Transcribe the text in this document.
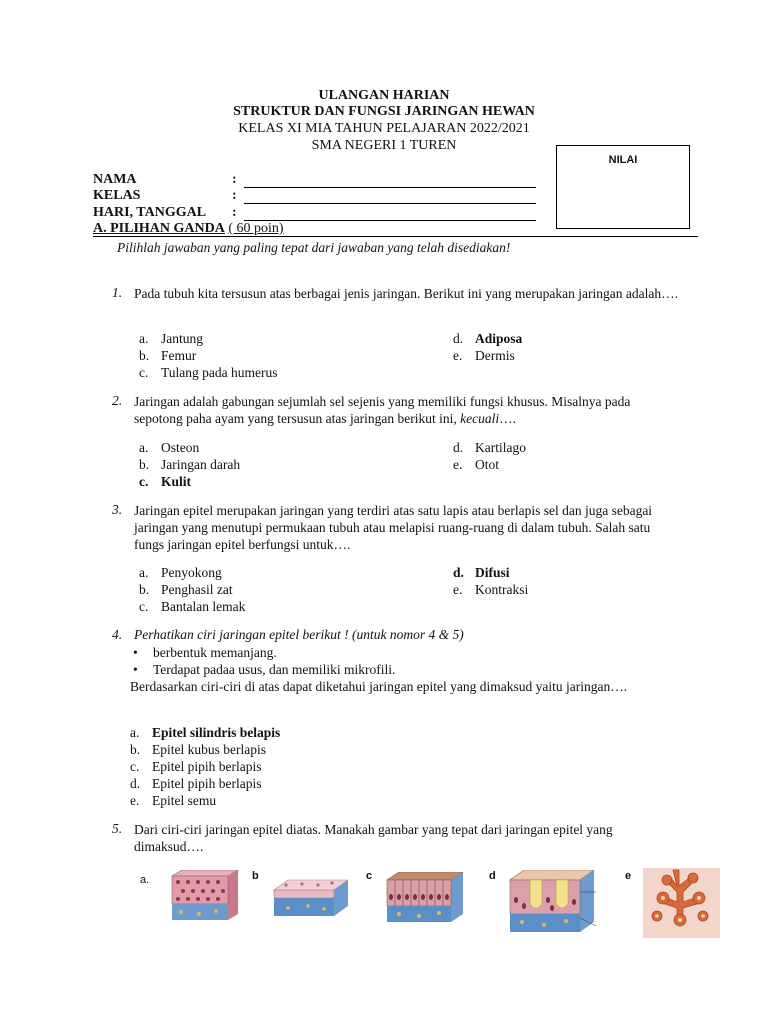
ULANGAN HARIAN
STRUKTUR DAN FUNGSI JARINGAN HEWAN
KELAS XI MIA TAHUN PELAJARAN 2022/2021
SMA NEGERI 1 TUREN
NILAI
NAMA	:
KELAS	:
HARI, TANGGAL :
A. PILIHAN GANDA ( 60 poin)
Pilihlah jawaban yang paling tepat dari jawaban yang telah disediakan!
1. Pada tubuh kita tersusun atas berbagai jenis jaringan. Berikut ini yang merupakan jaringan adalah….
a. Jantung
b. Femur
c. Tulang pada humerus
d. Adiposa
e. Dermis
2. Jaringan adalah gabungan sejumlah sel sejenis yang memiliki fungsi khusus. Misalnya pada sepotong paha ayam yang tersusun atas jaringan berikut ini, kecuali….
a. Osteon
b. Jaringan darah
c. Kulit
d. Kartilago
e. Otot
3. Jaringan epitel merupakan jaringan yang terdiri atas satu lapis atau berlapis sel dan juga sebagai jaringan yang menutupi permukaan tubuh atau melapisi ruang-ruang di dalam tubuh. Salah satu fungs jaringan epitel berfungsi untuk….
a. Penyokong
b. Penghasil zat
c. Bantalan lemak
d. Difusi
e. Kontraksi
4. Perhatikan ciri jaringan epitel berikut ! (untuk nomor 4 & 5)
• berbentuk memanjang.
• Terdapat padaa usus, dan memiliki mikrofili.
Berdasarkan ciri-ciri di atas dapat diketahui jaringan epitel yang dimaksud yaitu jaringan….
a. Epitel silindris belapis
b. Epitel kubus berlapis
c. Epitel pipih berlapis
d. Epitel pipih berlapis
e. Epitel semu
5. Dari ciri-ciri jaringan epitel diatas. Manakah gambar yang tepat dari jaringan epitel yang dimaksud….
a.	b	c	d	e
